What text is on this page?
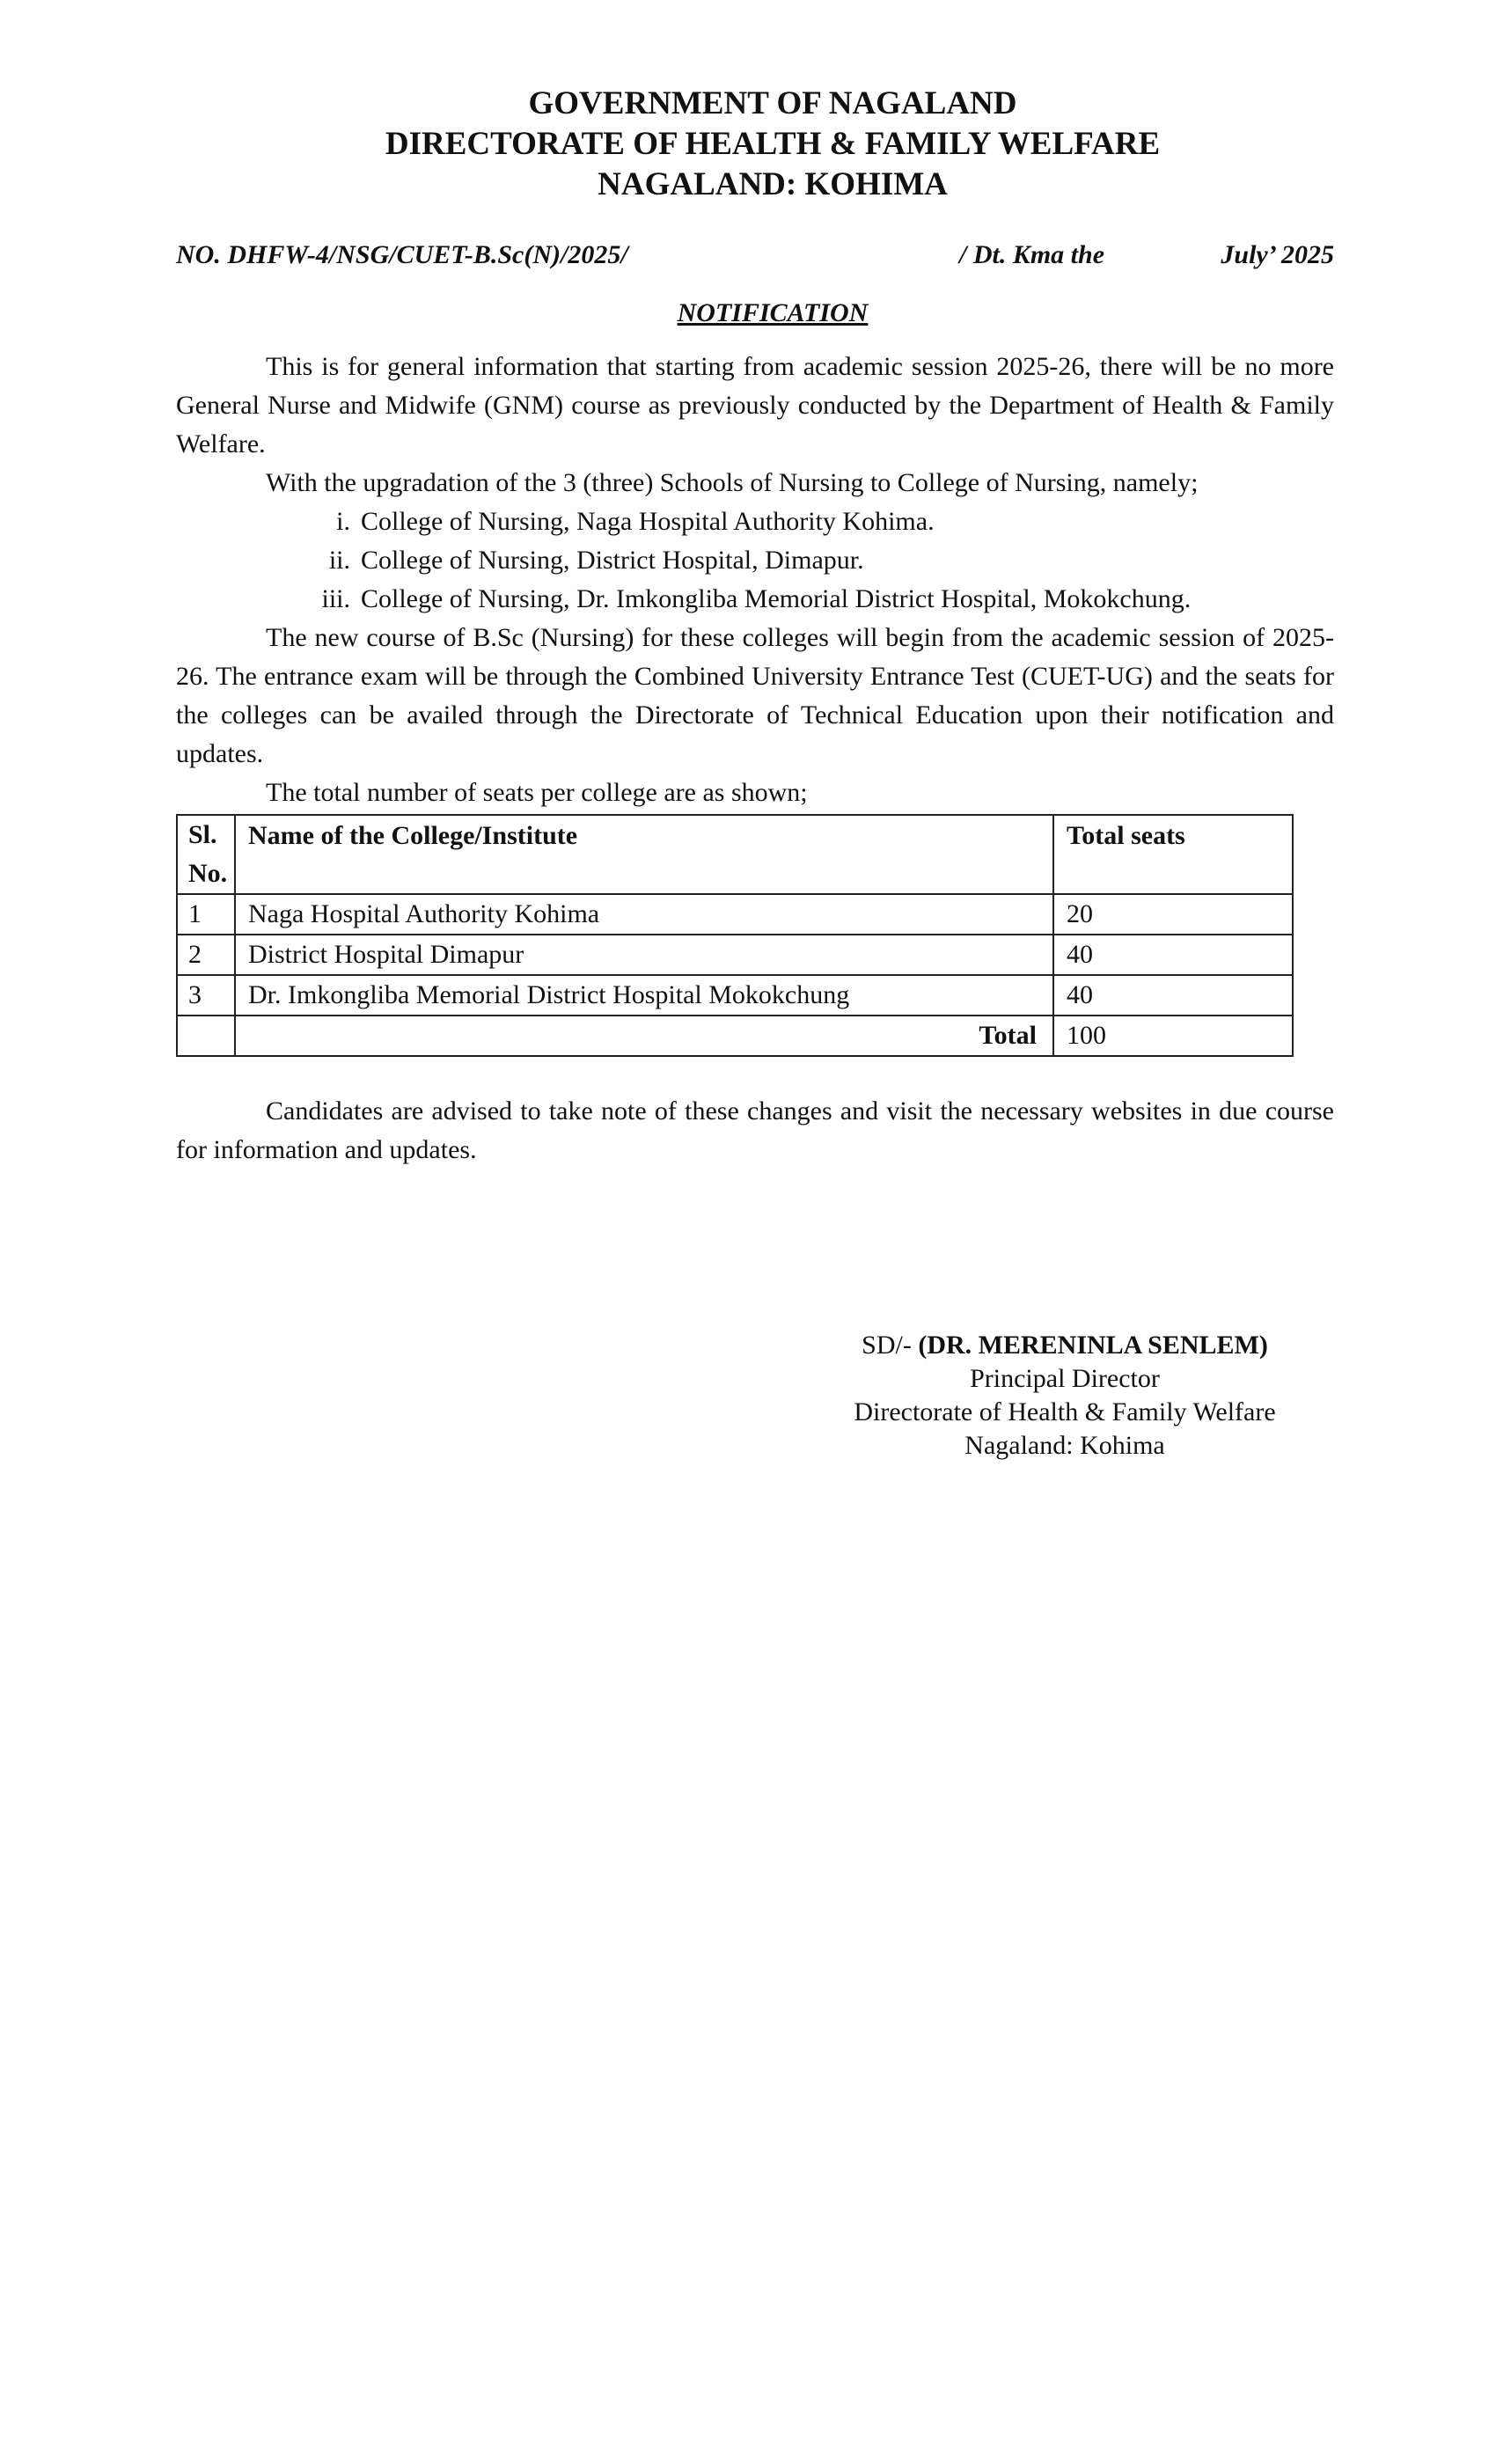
GOVERNMENT OF NAGALAND
DIRECTORATE OF HEALTH & FAMILY WELFARE
NAGALAND: KOHIMA
NO. DHFW-4/NSG/CUET-B.Sc(N)/2025/	/ Dt. Kma the	July’ 2025
NOTIFICATION

This is for general information that starting from academic session 2025-26, there will be no more General Nurse and Midwife (GNM) course as previously conducted by the Department of Health & Family Welfare.

With the upgradation of the 3 (three) Schools of Nursing to College of Nursing, namely;

i. College of Nursing, Naga Hospital Authority Kohima.
ii. College of Nursing, District Hospital, Dimapur.
iii. College of Nursing, Dr. Imkongliba Memorial District Hospital, Mokokchung.

The new course of B.Sc (Nursing) for these colleges will begin from the academic session of 2025-26. The entrance exam will be through the Combined University Entrance Test (CUET-UG) and the seats for the colleges can be availed through the Directorate of Technical Education upon their notification and updates.

The total number of seats per college are as shown;

Sl. No.	Name of the College/Institute	Total seats
1	Naga Hospital Authority Kohima	20
2	District Hospital Dimapur	40
3	Dr. Imkongliba Memorial District Hospital Mokokchung	40
	Total	100

Candidates are advised to take note of these changes and visit the necessary websites in due course for information and updates.

SD/- (DR. MERENINLA SENLEM)
Principal Director
Directorate of Health & Family Welfare
Nagaland: Kohima
